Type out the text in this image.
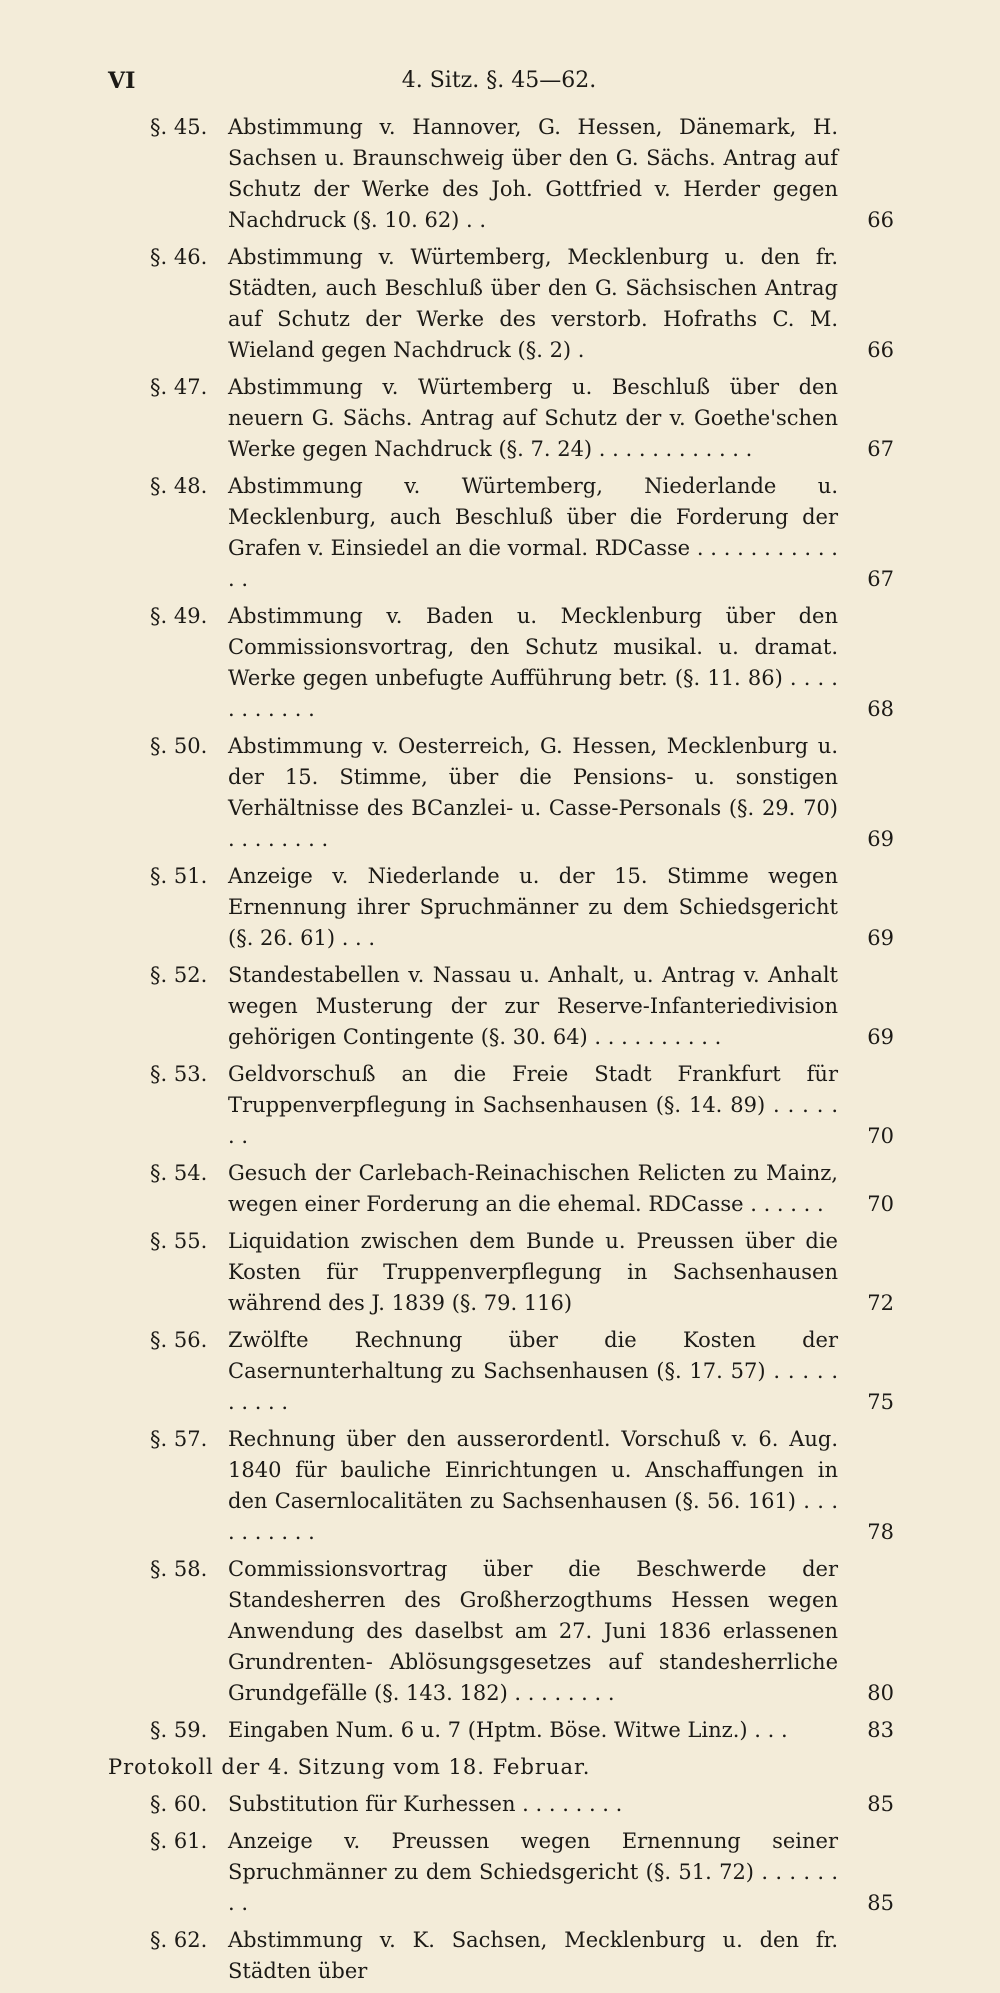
VI	4. Sitz. §. 45—62.
§. 45. Abstimmung v. Hannover, G. Hessen, Dänemark, H. Sachsen u. Braunschweig über den G. Sächs. Antrag auf Schutz der Werke des Joh. Gottfried v. Herder gegen Nachdruck (§. 10. 62) . .	66
§. 46. Abstimmung v. Würtemberg, Mecklenburg u. den fr. Städten, auch Beschluß über den G. Sächsischen Antrag auf Schutz der Werke des verstorb. Hofraths C. M. Wieland gegen Nachdruck (§. 2) .	66
§. 47. Abstimmung v. Würtemberg u. Beschluß über den neuern G. Sächs. Antrag auf Schutz der v. Goethe'schen Werke gegen Nachdruck (§. 7. 24) . . . . . . . . . . . .	67
§. 48. Abstimmung v. Würtemberg, Niederlande u. Mecklenburg, auch Beschluß über die Forderung der Grafen v. Einsiedel an die vormal. RDCasse . . . . . . . . . . . . .	67
§. 49. Abstimmung v. Baden u. Mecklenburg über den Commissionsvortrag, den Schutz musikal. u. dramat. Werke gegen unbefugte Aufführung betr. (§. 11. 86) . . . . . . . . . . .	68
§. 50. Abstimmung v. Oesterreich, G. Hessen, Mecklenburg u. der 15. Stimme, über die Pensions- u. sonstigen Verhältnisse des BCanzlei- u. Casse-Personals (§. 29. 70) . . . . . . . .	69
§. 51. Anzeige v. Niederlande u. der 15. Stimme wegen Ernennung ihrer Spruchmänner zu dem Schiedsgericht (§. 26. 61) . . .	69
§. 52. Standestabellen v. Nassau u. Anhalt, u. Antrag v. Anhalt wegen Musterung der zur Reserve-Infanteriedivision gehörigen Contingente (§. 30. 64) . . . . . . . . . .	69
§. 53. Geldvorschuß an die Freie Stadt Frankfurt für Truppenverpflegung in Sachsenhausen (§. 14. 89) . . . . . . .	70
§. 54. Gesuch der Carlebach-Reinachischen Relicten zu Mainz, wegen einer Forderung an die ehemal. RDCasse . . . . . .	70
§. 55. Liquidation zwischen dem Bunde u. Preussen über die Kosten für Truppenverpflegung in Sachsenhausen während des J. 1839 (§. 79. 116)	72
§. 56. Zwölfte Rechnung über die Kosten der Casernunterhaltung zu Sachsenhausen (§. 17. 57) . . . . . . . . . .	75
§. 57. Rechnung über den ausserordentl. Vorschuß v. 6. Aug. 1840 für bauliche Einrichtungen u. Anschaffungen in den Casernlocalitäten zu Sachsenhausen (§. 56. 161) . . . . . . . . . .	78
§. 58. Commissionsvortrag über die Beschwerde der Standesherren des Großherzogthums Hessen wegen Anwendung des daselbst am 27. Juni 1836 erlassenen Grundrenten- Ablösungsgesetzes auf standesherrliche Grundgefälle (§. 143. 182) . . . . . . . .	80
§. 59. Eingaben Num. 6 u. 7 (Hptm. Böse. Witwe Linz.) . . .	83
Protokoll der 4. Sitzung vom 18. Februar.
§. 60. Substitution für Kurhessen . . . . . . . .	85
§. 61. Anzeige v. Preussen wegen Ernennung seiner Spruchmänner zu dem Schiedsgericht (§. 51. 72) . . . . . . . .	85
§. 62. Abstimmung v. K. Sachsen, Mecklenburg u. den fr. Städten über
